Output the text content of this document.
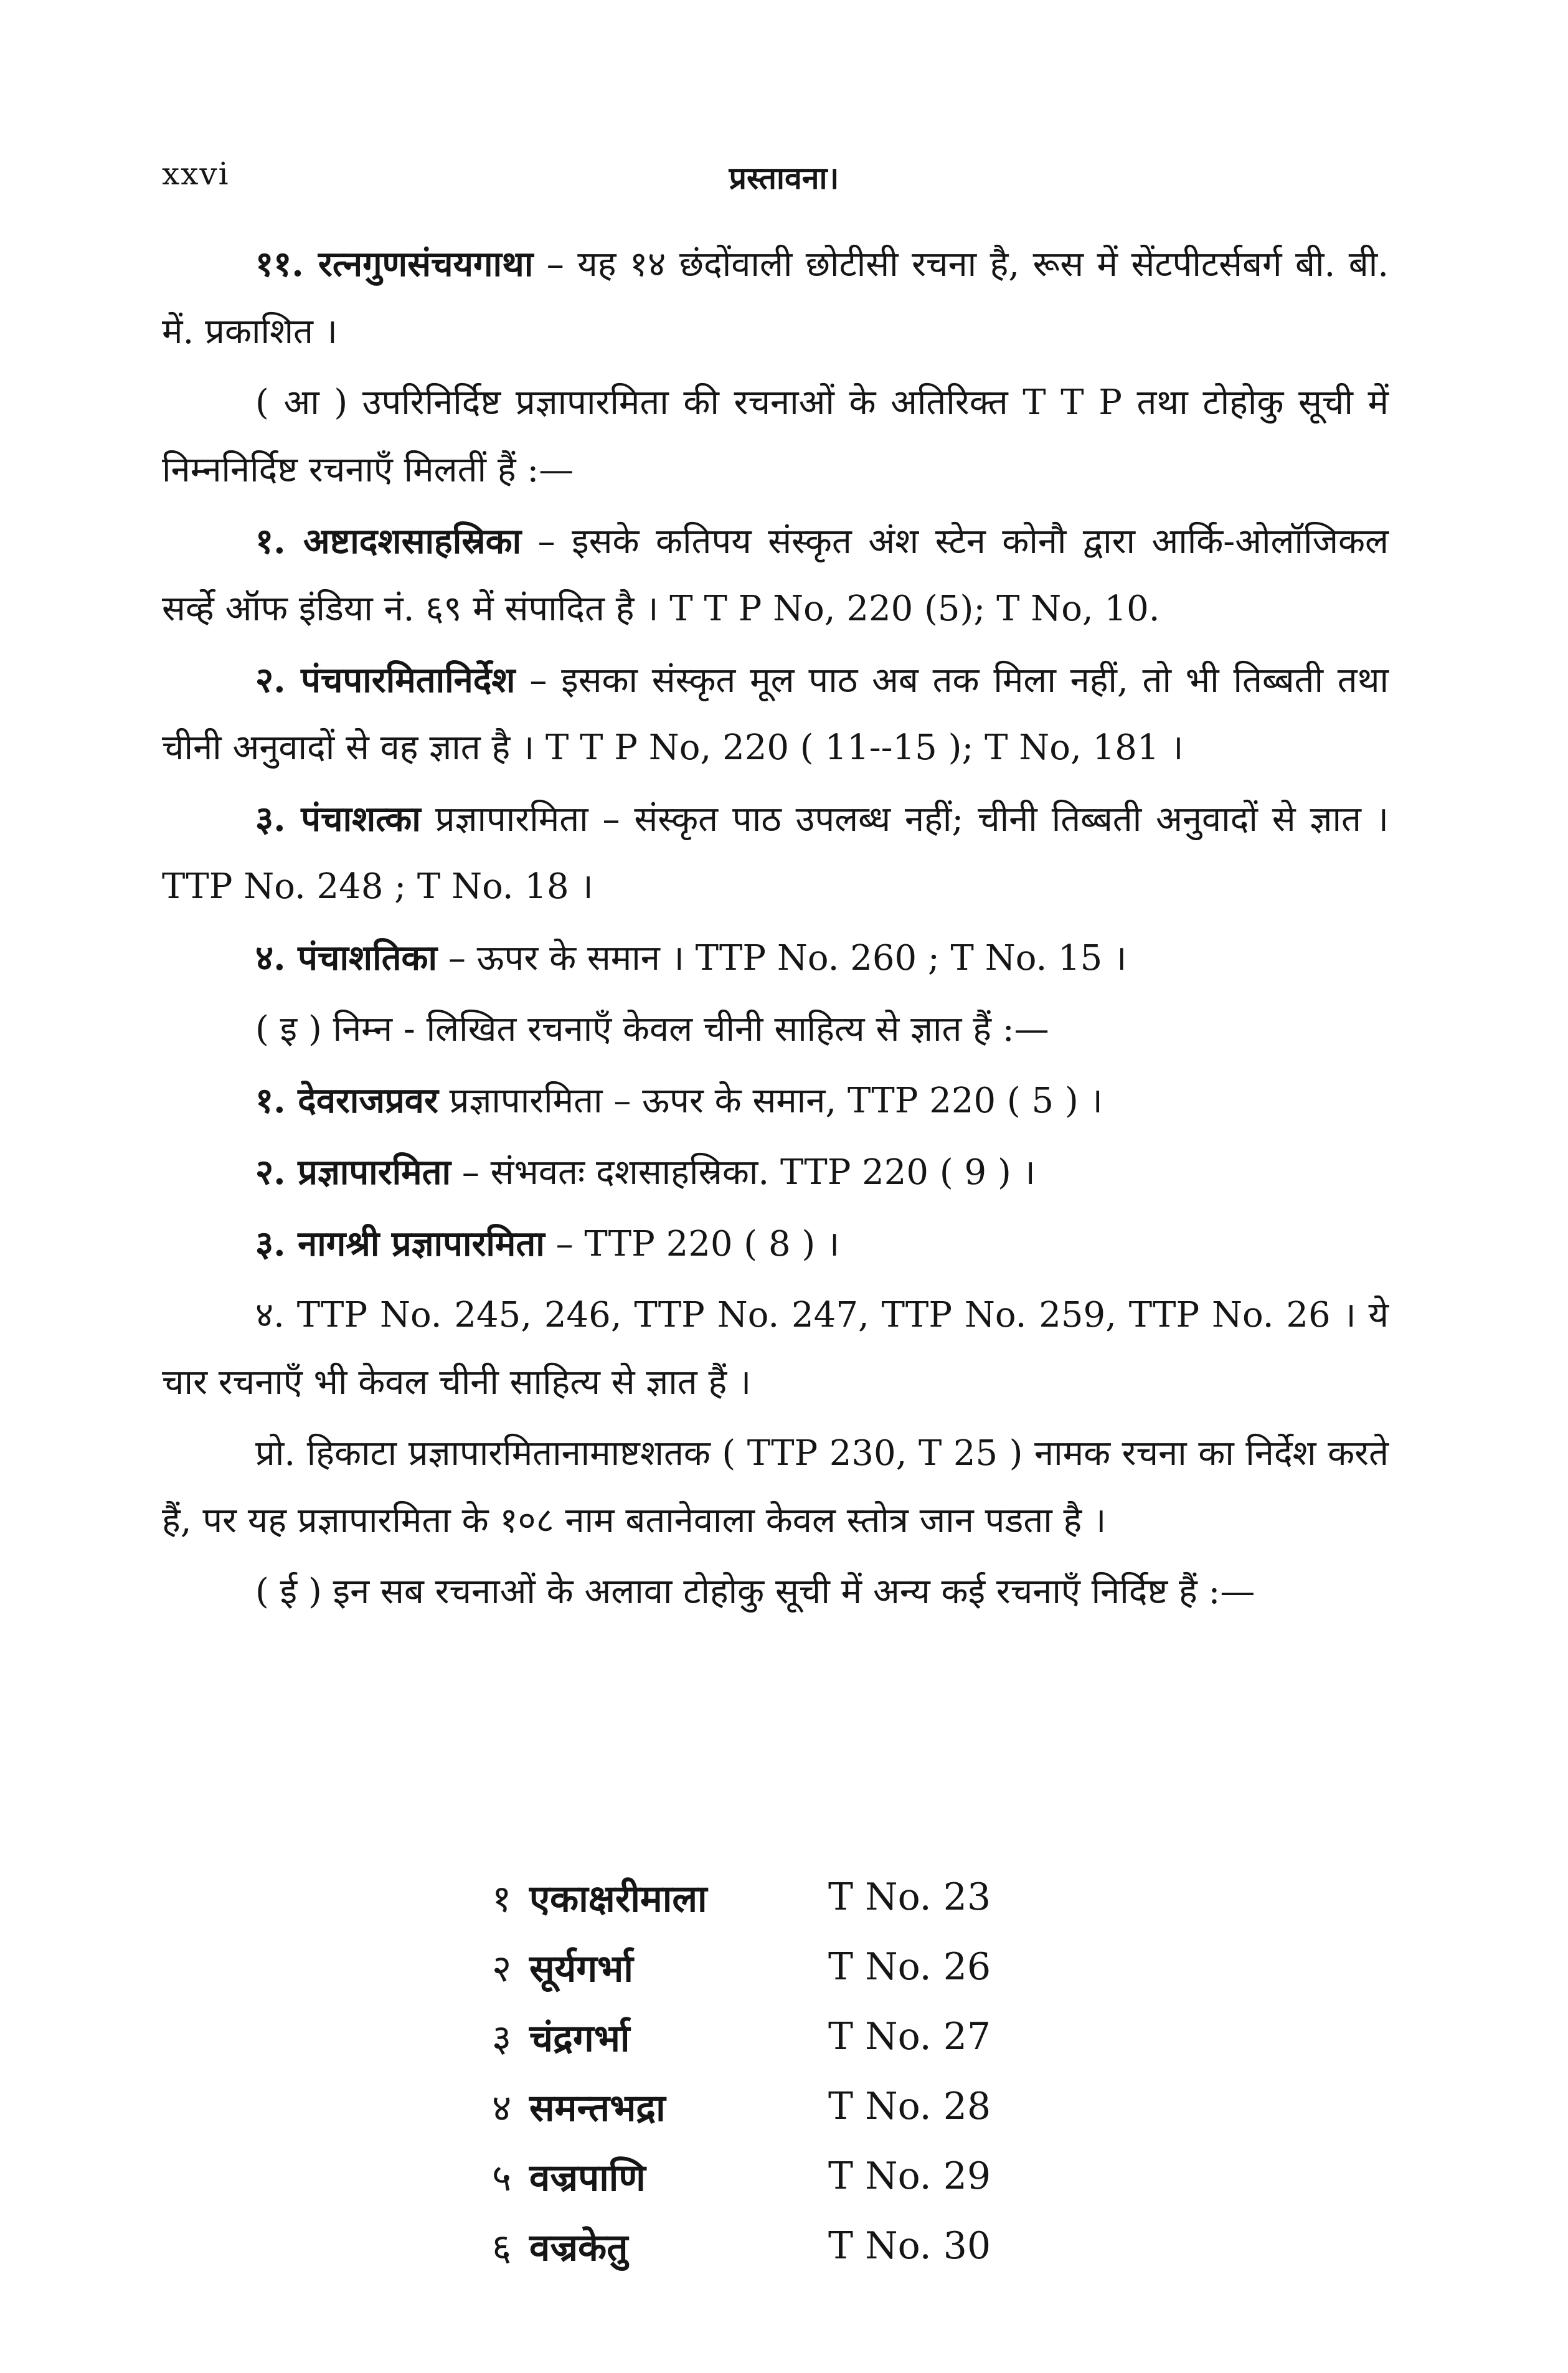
xxvi	प्रस्तावना।

११. रत्नगुणसंचयगाथा – यह १४ छंदोंवाली छोटीसी रचना है, रूस में सेंटपीटर्सबर्ग बी. बी. में. प्रकाशित ।

( आ ) उपरिनिर्दिष्ट प्रज्ञापारमिता की रचनाओं के अतिरिक्त T T P तथा टोहोकु सूची में निम्ननिर्दिष्ट रचनाएँ मिलतीं हैं :—

१. अष्टादशसाहस्रिका – इसके कतिपय संस्कृत अंश स्टेन कोनौ द्वारा आर्कि-ओलॉजिकल सर्व्हे ऑफ इंडिया नं. ६९ में संपादित है । T T P No, 220 (5); T No, 10.

२. पंचपारमितानिर्देश – इसका संस्कृत मूल पाठ अब तक मिला नहीं, तो भी तिब्बती तथा चीनी अनुवादों से वह ज्ञात है । T T P No, 220 ( 11--15 ); T No, 181 ।

३. पंचाशत्का प्रज्ञापारमिता – संस्कृत पाठ उपलब्ध नहीं; चीनी तिब्बती अनुवादों से ज्ञात । TTP No. 248 ; T No. 18 ।

४. पंचाशतिका – ऊपर के समान । TTP No. 260 ; T No. 15 ।

( इ ) निम्न - लिखित रचनाएँ केवल चीनी साहित्य से ज्ञात हैं :—

१. देवराजप्रवर प्रज्ञापारमिता – ऊपर के समान, TTP 220 ( 5 ) ।

२. प्रज्ञापारमिता – संभवतः दशसाहस्रिका. TTP 220 ( 9 ) ।

३. नागश्री प्रज्ञापारमिता – TTP 220 ( 8 ) ।

४. TTP No. 245, 246, TTP No. 247, TTP No. 259, TTP No. 26 । ये चार रचनाएँ भी केवल चीनी साहित्य से ज्ञात हैं ।

प्रो. हिकाटा प्रज्ञापारमितानामाष्टशतक ( TTP 230, T 25 ) नामक रचना का निर्देश करते हैं, पर यह प्रज्ञापारमिता के १०८ नाम बतानेवाला केवल स्तोत्र जान पडता है ।

( ई ) इन सब रचनाओं के अलावा टोहोकु सूची में अन्य कई रचनाएँ निर्दिष्ट हैं :—

१ एकाक्षरीमाला	T No. 23
२ सूर्यगर्भा	T No. 26
३ चंद्रगर्भा	T No. 27
४ समन्तभद्रा	T No. 28
५ वज्रपाणि	T No. 29
६ वज्रकेतु	T No. 30
